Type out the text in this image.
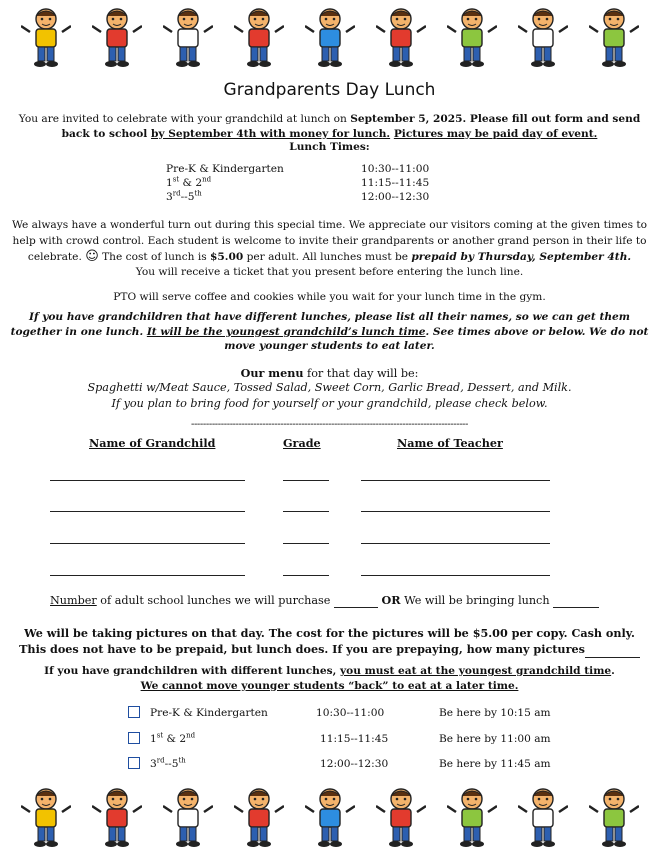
Grandparents Day Lunch

You are invited to celebrate with your grandchild at lunch on September 5, 2025. Please fill out form and send back to school by September 4th with money for lunch. Pictures may be paid day of event.

Lunch Times:

Pre-K & Kindergarten	10:30--11:00
1st & 2nd	11:15--11:45
3rd--5th	12:00--12:30

We always have a wonderful turn out during this special time. We appreciate our visitors coming at the given times to help with crowd control. Each student is welcome to invite their grandparents or another grand person in their life to celebrate. ☺ The cost of lunch is $5.00 per adult. All lunches must be prepaid by Thursday, September 4th.
You will receive a ticket that you present before entering the lunch line.

PTO will serve coffee and cookies while you wait for your lunch time in the gym.

If you have grandchildren that have different lunches, please list all their names, so we can get them together in one lunch. It will be the youngest grandchild’s lunch time. See times above or below. We do not move younger students to eat later.

Our menu for that day will be:

Spaghetti w/Meat Sauce, Tossed Salad, Sweet Corn, Garlic Bread, Dessert, and Milk.

If you plan to bring food for yourself or your grandchild, please check below.

---------------------------------------------------------------------------------------------

Name of Grandchild	Grade	Name of Teacher
Number of adult school lunches we will purchase	OR We will be bringing lunch

We will be taking pictures on that day. The cost for the pictures will be $5.00 per copy. Cash only.
This does not have to be prepaid, but lunch does. If you are prepaying, how many pictures

If you have grandchildren with different lunches, you must eat at the youngest grandchild time.
We cannot move younger students “back” to eat at a later time.

Pre-K & Kindergarten	10:30--11:00	Be here by 10:15 am
1st & 2nd	11:15--11:45	Be here by 11:00 am
3rd--5th	12:00--12:30	Be here by 11:45 am
